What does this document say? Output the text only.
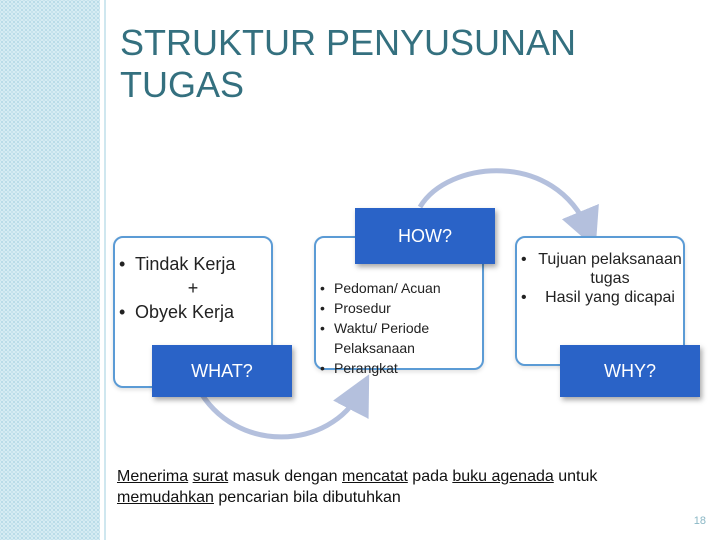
STRUKTUR PENYUSUNAN
TUGAS
• Tindak Kerja
+
• Obyek Kerja
• Pedoman/ Acuan
• Prosedur
• Waktu/ Periode Pelaksanaan
• Perangkat
• Tujuan pelaksanaan tugas
• Hasil yang dicapai
WHAT?
HOW?
WHY?
Menerima surat masuk dengan mencatat pada buku agenada untuk memudahkan pencarian bila dibutuhkan
18
